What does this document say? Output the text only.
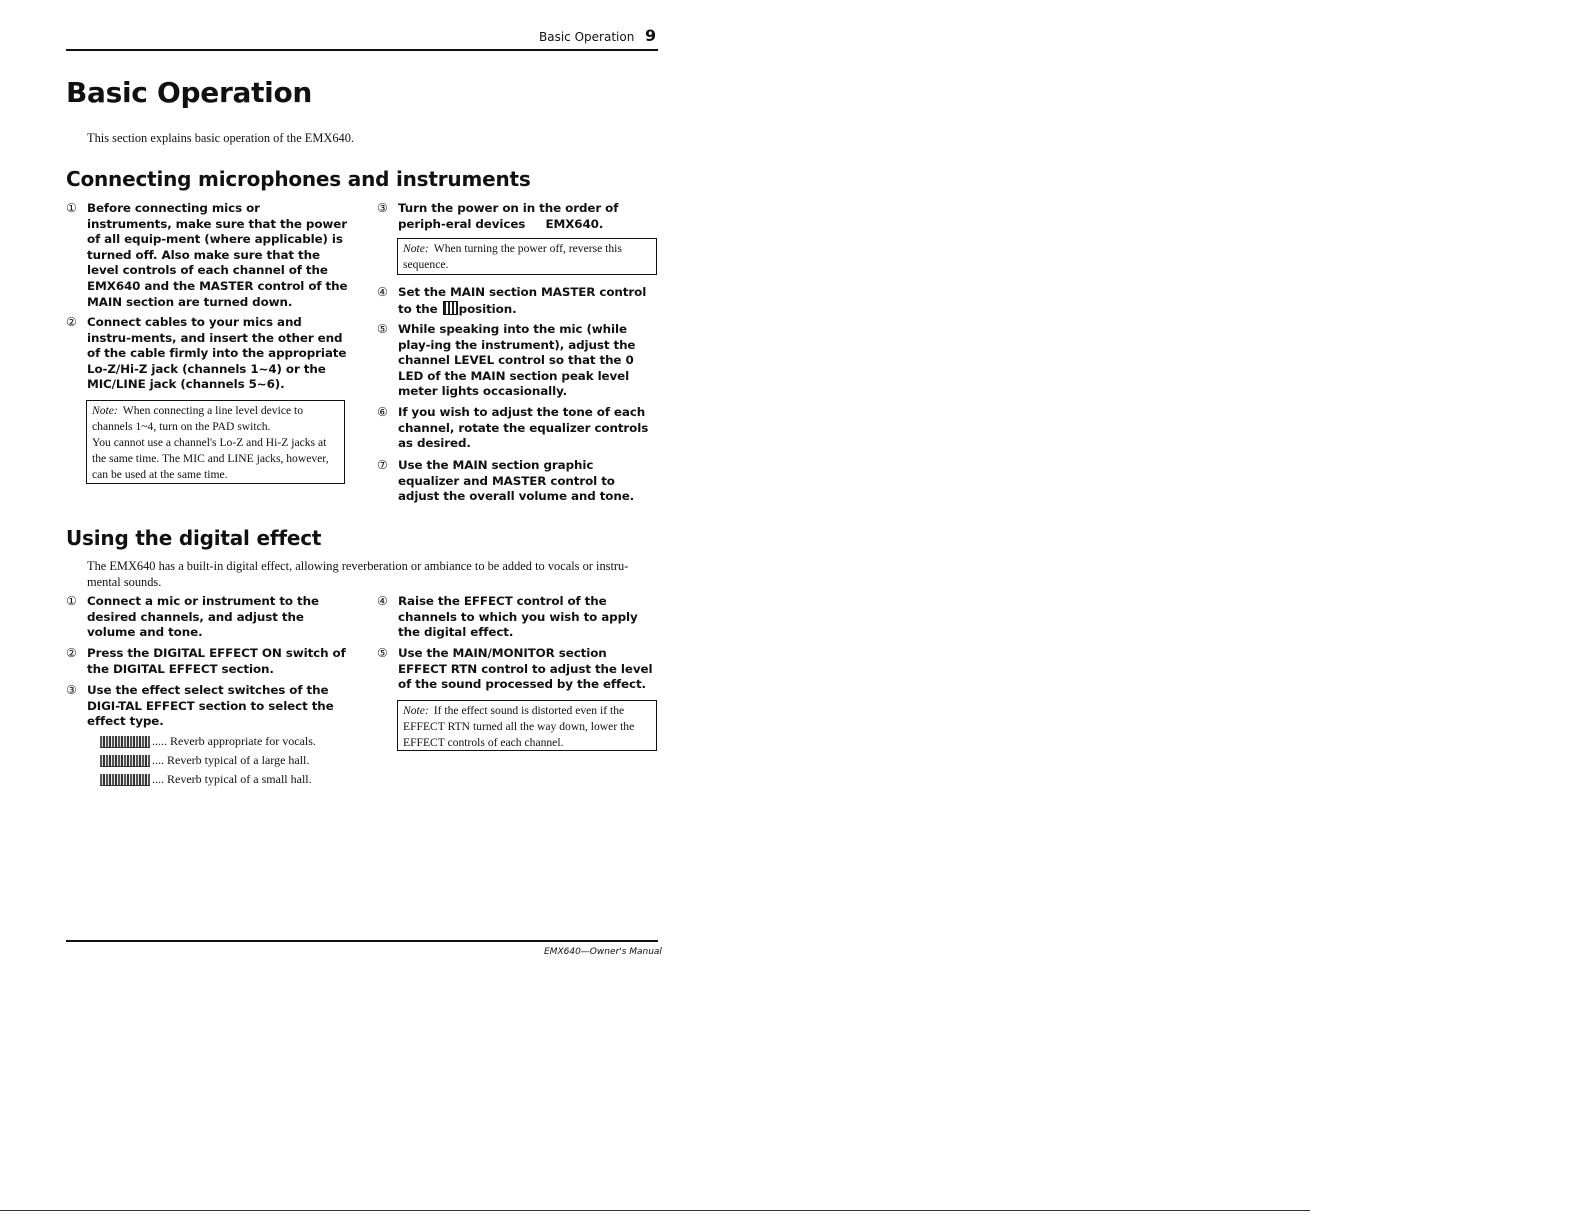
Basic Operation 9
Basic Operation
This section explains basic operation of the EMX640.
Connecting microphones and instruments
① Before connecting mics or instruments, make sure that the power of all equip-ment (where applicable) is turned off. Also make sure that the level controls of each channel of the EMX640 and the MASTER control of the MAIN section are turned down.
② Connect cables to your mics and instru-ments, and insert the other end of the cable firmly into the appropriate Lo-Z/Hi-Z jack (channels 1~4) or the MIC/LINE jack (channels 5~6).

Note: When connecting a line level device to channels 1~4, turn on the PAD switch.

You cannot use a channel's Lo-Z and Hi-Z jacks at the same time. The MIC and LINE jacks, however, can be used at the same time.

③ Turn the power on in the order of periph-eral devices     EMX640.

Note: When turning the power off, reverse this sequence.

④ Set the MAIN section MASTER control to the position.
⑤ While speaking into the mic (while play-ing the instrument), adjust the channel LEVEL control so that the 0 LED of the MAIN section peak level meter lights occasionally.
⑥ If you wish to adjust the tone of each channel, rotate the equalizer controls as desired.
⑦ Use the MAIN section graphic equalizer and MASTER control to adjust the overall volume and tone.
Using the digital effect
The EMX640 has a built-in digital effect, allowing reverberation or ambiance to be added to vocals or instru-mental sounds.
① Connect a mic or instrument to the desired channels, and adjust the volume and tone.
② Press the DIGITAL EFFECT ON switch of the DIGITAL EFFECT section.
③ Use the effect select switches of the DIGI-TAL EFFECT section to select the effect type.
..... Reverb appropriate for vocals.
.... Reverb typical of a large hall.
.... Reverb typical of a small hall.
④ Raise the EFFECT control of the channels to which you wish to apply the digital effect.
⑤ Use the MAIN/MONITOR section EFFECT RTN control to adjust the level of the sound processed by the effect.

Note: If the effect sound is distorted even if the EFFECT RTN turned all the way down, lower the EFFECT controls of each channel.

EMX640—Owner's Manual
